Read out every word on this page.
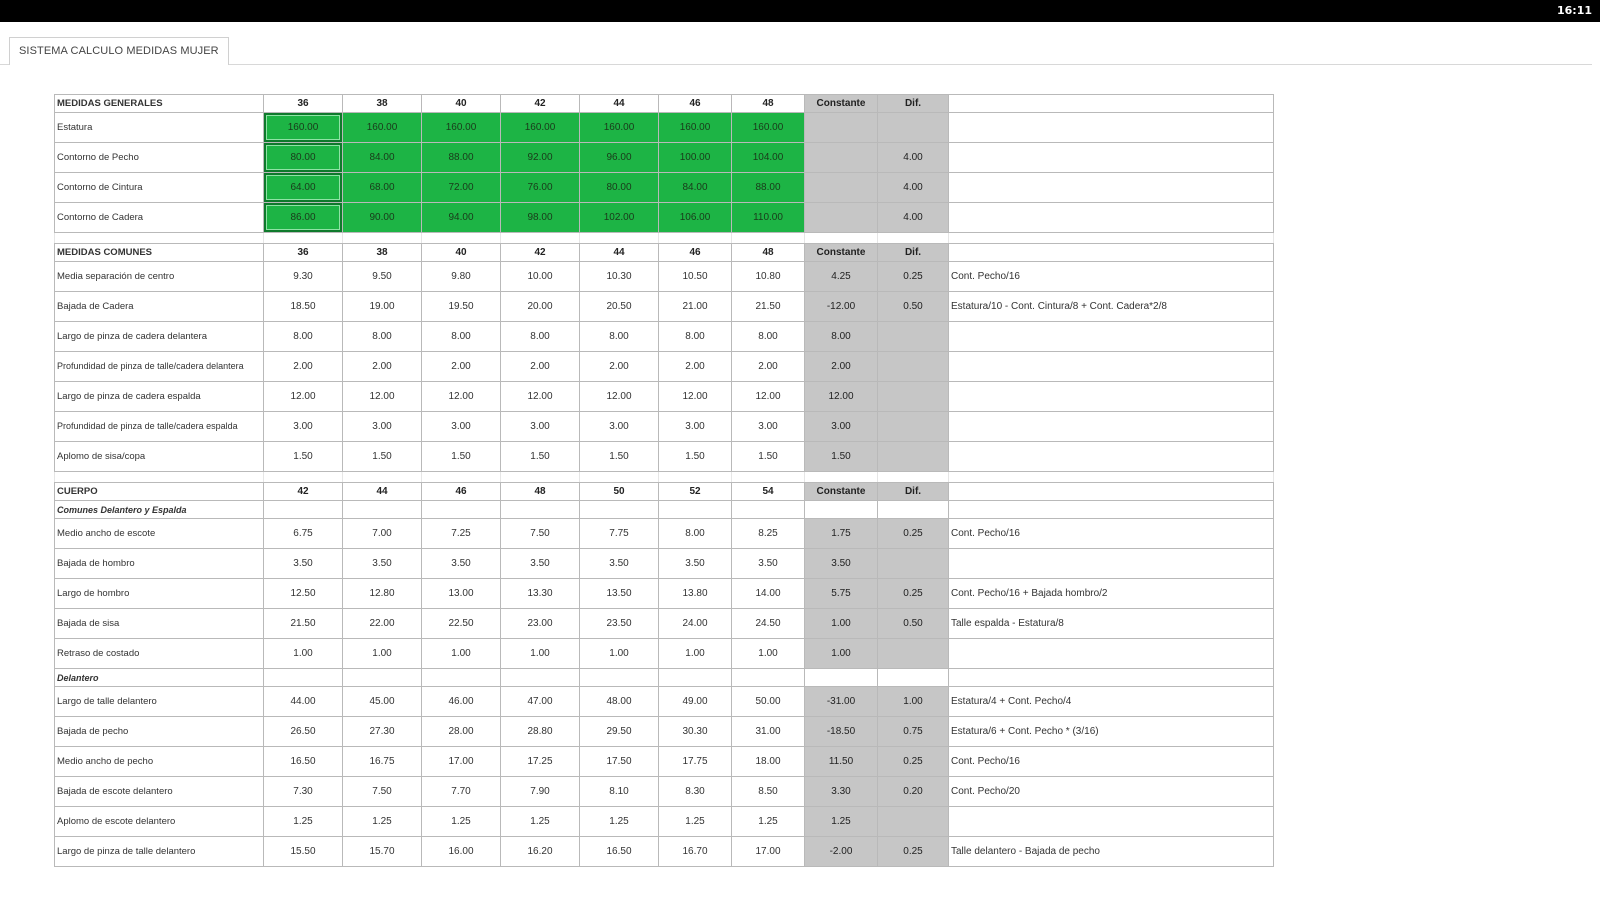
16:11
SISTEMA CALCULO MEDIDAS MUJER
MEDIDAS GENERALES	36	38	40	42	44	46	48	Constante	Dif.	
Estatura	160.00	160.00	160.00	160.00	160.00	160.00	160.00			
Contorno de Pecho	80.00	84.00	88.00	92.00	96.00	100.00	104.00		4.00	
Contorno de Cintura	64.00	68.00	72.00	76.00	80.00	84.00	88.00		4.00	
Contorno de Cadera	86.00	90.00	94.00	98.00	102.00	106.00	110.00		4.00	

MEDIDAS COMUNES	36	38	40	42	44	46	48	Constante	Dif.	
Media separación de centro	9.30	9.50	9.80	10.00	10.30	10.50	10.80	4.25	0.25	Cont. Pecho/16
Bajada de Cadera	18.50	19.00	19.50	20.00	20.50	21.00	21.50	-12.00	0.50	Estatura/10 - Cont. Cintura/8 + Cont. Cadera*2/8
Largo de pinza de cadera delantera	8.00	8.00	8.00	8.00	8.00	8.00	8.00	8.00		
Profundidad de pinza de talle/cadera delantera	2.00	2.00	2.00	2.00	2.00	2.00	2.00	2.00		
Largo de pinza de cadera espalda	12.00	12.00	12.00	12.00	12.00	12.00	12.00	12.00		
Profundidad de pinza de talle/cadera espalda	3.00	3.00	3.00	3.00	3.00	3.00	3.00	3.00		
Aplomo de sisa/copa	1.50	1.50	1.50	1.50	1.50	1.50	1.50	1.50		

CUERPO	42	44	46	48	50	52	54	Constante	Dif.	
Comunes Delantero y Espalda										
Medio ancho de escote	6.75	7.00	7.25	7.50	7.75	8.00	8.25	1.75	0.25	Cont. Pecho/16
Bajada de hombro	3.50	3.50	3.50	3.50	3.50	3.50	3.50	3.50		
Largo de hombro	12.50	12.80	13.00	13.30	13.50	13.80	14.00	5.75	0.25	Cont. Pecho/16 + Bajada hombro/2
Bajada de sisa	21.50	22.00	22.50	23.00	23.50	24.00	24.50	1.00	0.50	Talle espalda - Estatura/8
Retraso de costado	1.00	1.00	1.00	1.00	1.00	1.00	1.00	1.00		
Delantero										
Largo de talle delantero	44.00	45.00	46.00	47.00	48.00	49.00	50.00	-31.00	1.00	Estatura/4 + Cont. Pecho/4
Bajada de pecho	26.50	27.30	28.00	28.80	29.50	30.30	31.00	-18.50	0.75	Estatura/6 + Cont. Pecho * (3/16)
Medio ancho de pecho	16.50	16.75	17.00	17.25	17.50	17.75	18.00	11.50	0.25	Cont. Pecho/16
Bajada de escote delantero	7.30	7.50	7.70	7.90	8.10	8.30	8.50	3.30	0.20	Cont. Pecho/20
Aplomo de escote delantero	1.25	1.25	1.25	1.25	1.25	1.25	1.25	1.25		
Largo de pinza de talle delantero	15.50	15.70	16.00	16.20	16.50	16.70	17.00	-2.00	0.25	Talle delantero - Bajada de pecho
